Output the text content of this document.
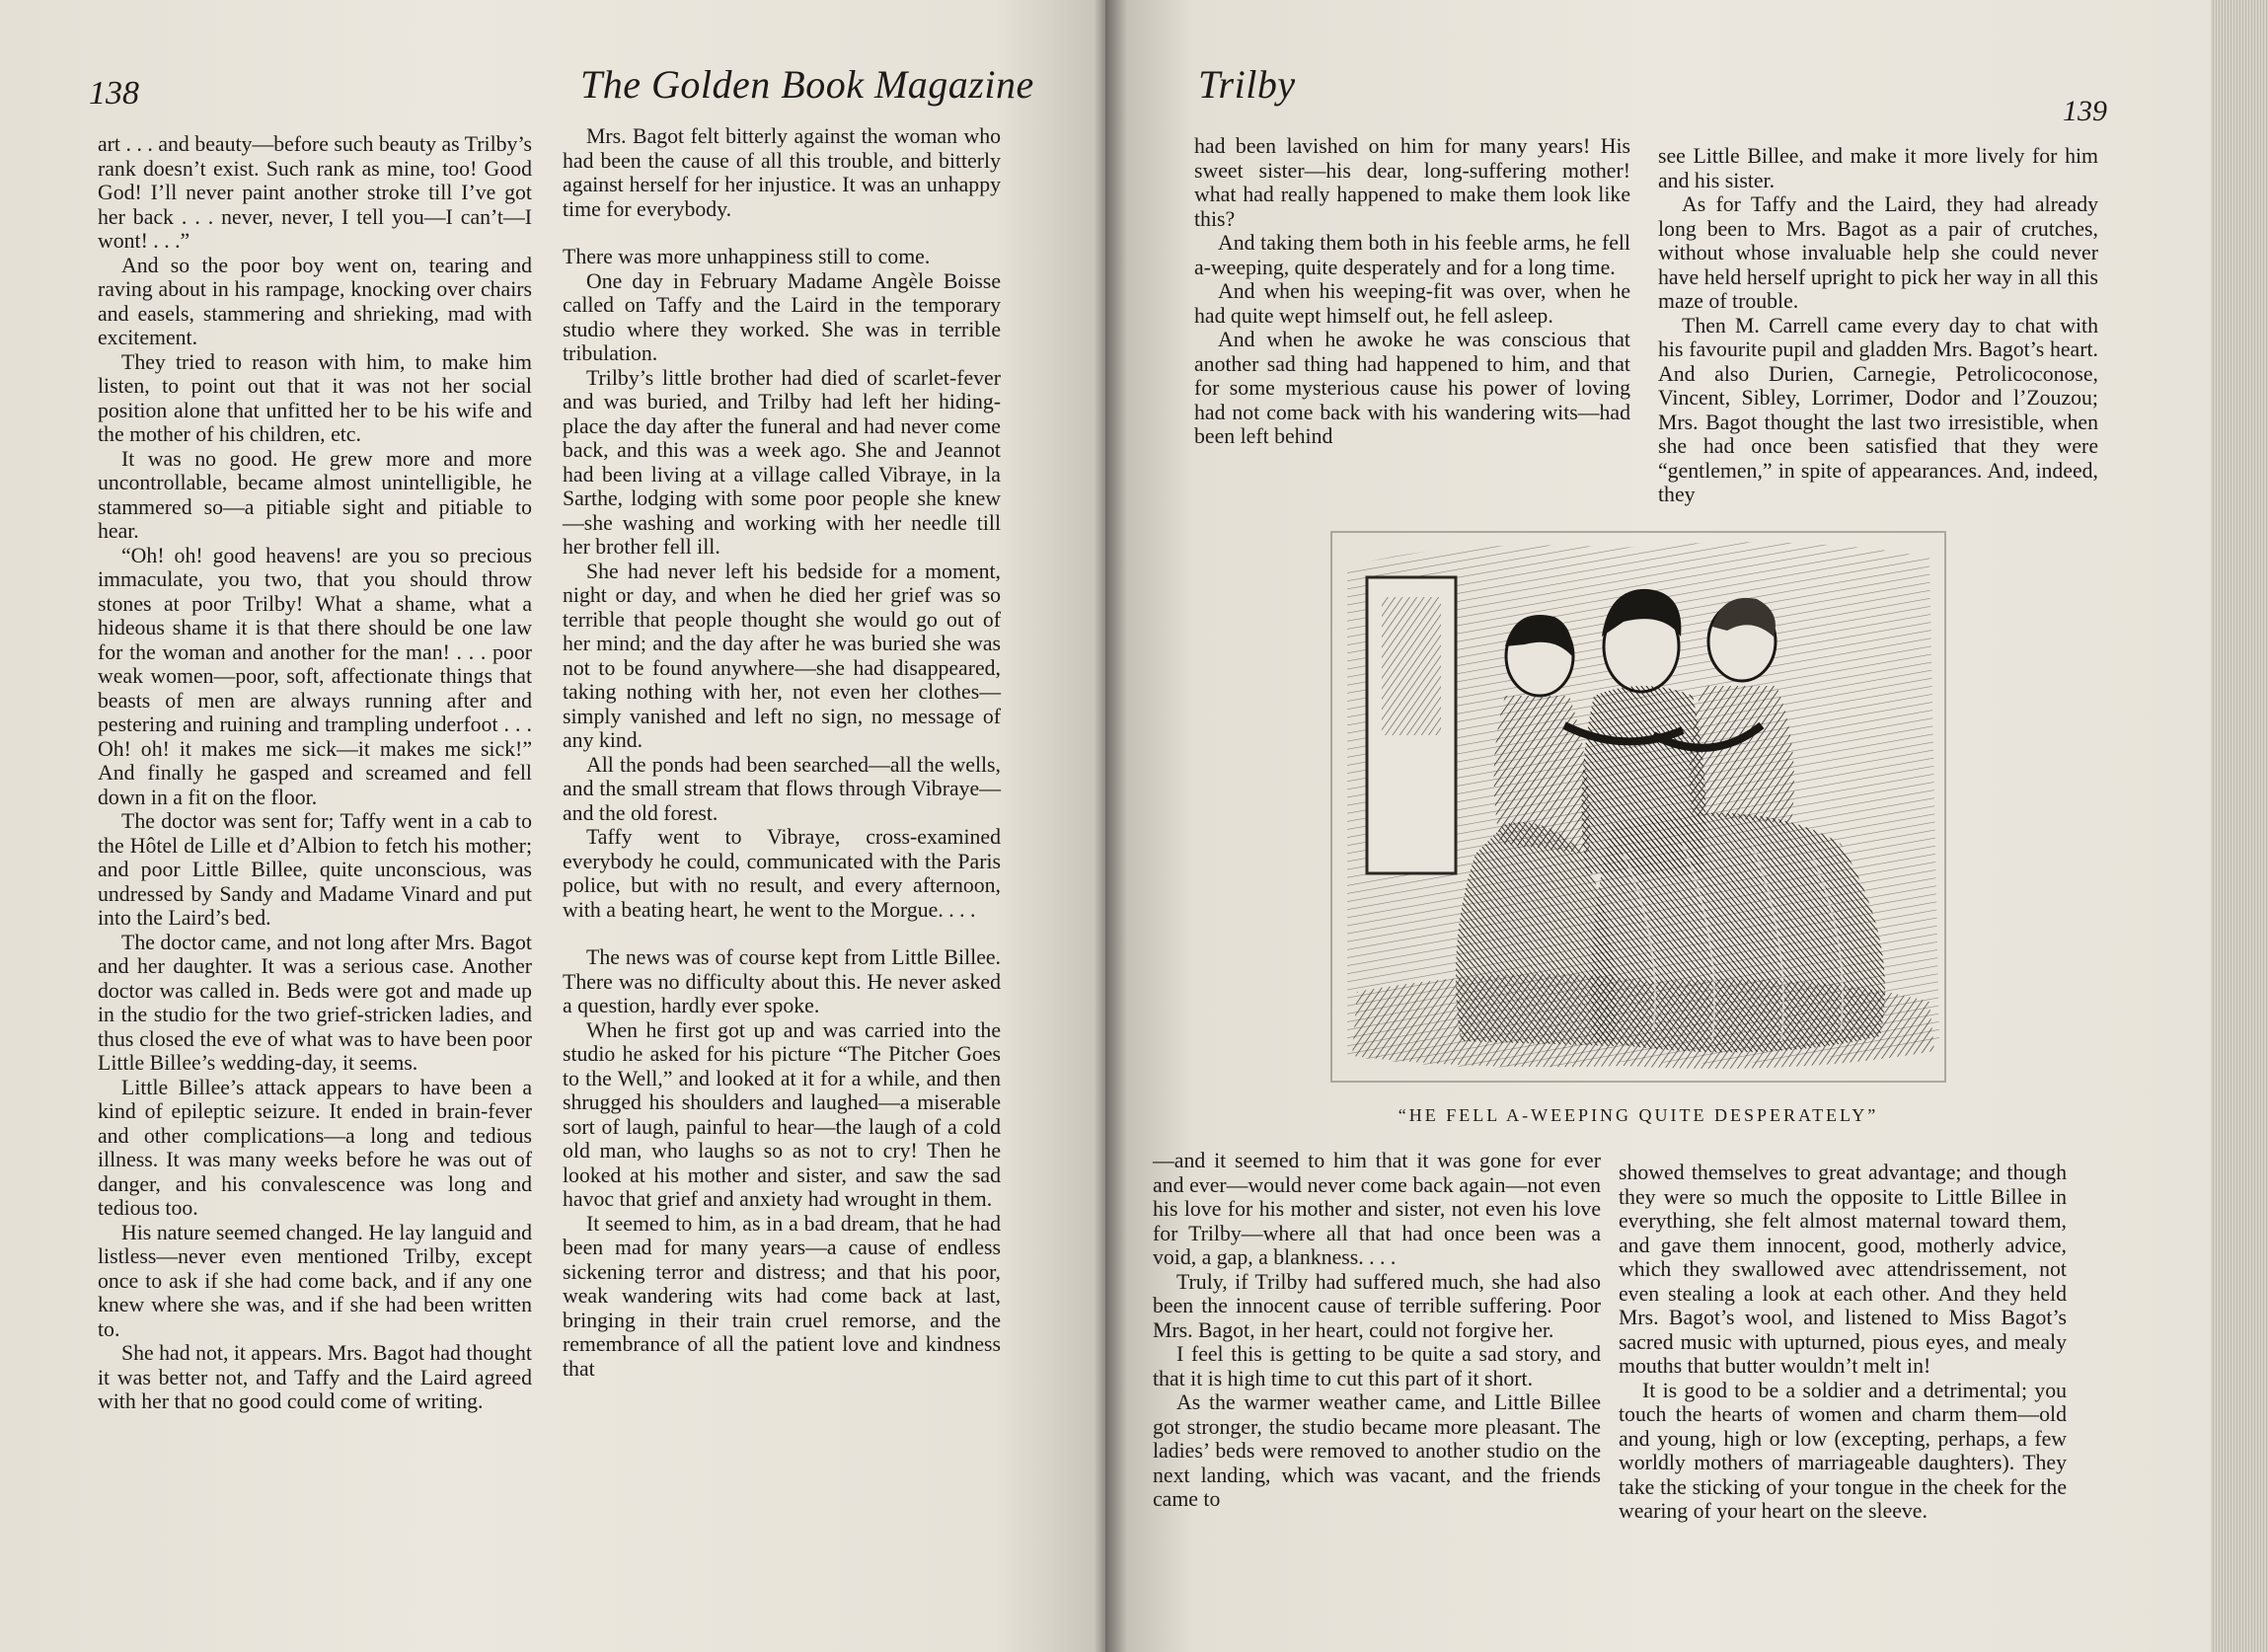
138	The Golden Book Magazine

art . . . and beauty—before such beauty as Trilby’s rank doesn’t exist. Such rank as mine, too! Good God! I’ll never paint another stroke till I’ve got her back . . . never, never, I tell you—I can’t—I wont! . . .”

And so the poor boy went on, tearing and raving about in his rampage, knocking over chairs and easels, stammering and shrieking, mad with excitement.

They tried to reason with him, to make him listen, to point out that it was not her social position alone that unfitted her to be his wife and the mother of his children, etc.

It was no good. He grew more and more uncontrollable, became almost unintelligible, he stammered so—a pitiable sight and pitiable to hear.

“Oh! oh! good heavens! are you so precious immaculate, you two, that you should throw stones at poor Trilby! What a shame, what a hideous shame it is that there should be one law for the woman and another for the man! . . . poor weak women—poor, soft, affectionate things that beasts of men are always running after and pestering and ruining and trampling underfoot . . . Oh! oh! it makes me sick—it makes me sick!” And finally he gasped and screamed and fell down in a fit on the floor.

The doctor was sent for; Taffy went in a cab to the Hôtel de Lille et d’Albion to fetch his mother; and poor Little Billee, quite unconscious, was undressed by Sandy and Madame Vinard and put into the Laird’s bed.

The doctor came, and not long after Mrs. Bagot and her daughter. It was a serious case. Another doctor was called in. Beds were got and made up in the studio for the two grief-stricken ladies, and thus closed the eve of what was to have been poor Little Billee’s wedding-day, it seems.

Little Billee’s attack appears to have been a kind of epileptic seizure. It ended in brain-fever and other complications—a long and tedious illness. It was many weeks before he was out of danger, and his convalescence was long and tedious too.

His nature seemed changed. He lay languid and listless—never even mentioned Trilby, except once to ask if she had come back, and if any one knew where she was, and if she had been written to.

She had not, it appears. Mrs. Bagot had thought it was better not, and Taffy and the Laird agreed with her that no good could come of writing.

Mrs. Bagot felt bitterly against the woman who had been the cause of all this trouble, and bitterly against herself for her injustice. It was an unhappy time for everybody.

There was more unhappiness still to come.

One day in February Madame Angèle Boisse called on Taffy and the Laird in the temporary studio where they worked. She was in terrible tribulation.

Trilby’s little brother had died of scarlet-fever and was buried, and Trilby had left her hiding-place the day after the funeral and had never come back, and this was a week ago. She and Jeannot had been living at a village called Vibraye, in la Sarthe, lodging with some poor people she knew—she washing and working with her needle till her brother fell ill.

She had never left his bedside for a moment, night or day, and when he died her grief was so terrible that people thought she would go out of her mind; and the day after he was buried she was not to be found anywhere—she had disappeared, taking nothing with her, not even her clothes—simply vanished and left no sign, no message of any kind.

All the ponds had been searched—all the wells, and the small stream that flows through Vibraye—and the old forest.

Taffy went to Vibraye, cross-examined everybody he could, communicated with the Paris police, but with no result, and every afternoon, with a beating heart, he went to the Morgue. . . .

The news was of course kept from Little Billee. There was no difficulty about this. He never asked a question, hardly ever spoke.

When he first got up and was carried into the studio he asked for his picture “The Pitcher Goes to the Well,” and looked at it for a while, and then shrugged his shoulders and laughed—a miserable sort of laugh, painful to hear—the laugh of a cold old man, who laughs so as not to cry! Then he looked at his mother and sister, and saw the sad havoc that grief and anxiety had wrought in them.

It seemed to him, as in a bad dream, that he had been mad for many years—a cause of endless sickening terror and distress; and that his poor, weak wandering wits had come back at last, bringing in their train cruel remorse, and the remembrance of all the patient love and kindness that

Trilby
139

had been lavished on him for many years! His sweet sister—his dear, long-suffering mother! what had really happened to make them look like this?

And taking them both in his feeble arms, he fell a-weeping, quite desperately and for a long time.

And when his weeping-fit was over, when he had quite wept himself out, he fell asleep.

And when he awoke he was conscious that another sad thing had happened to him, and that for some mysterious cause his power of loving had not come back with his wandering wits—had been left behind

see Little Billee, and make it more lively for him and his sister.

As for Taffy and the Laird, they had already long been to Mrs. Bagot as a pair of crutches, without whose invaluable help she could never have held herself upright to pick her way in all this maze of trouble.

Then M. Carrell came every day to chat with his favourite pupil and gladden Mrs. Bagot’s heart. And also Durien, Carnegie, Petrolicoconose, Vincent, Sibley, Lorrimer, Dodor and l’Zouzou; Mrs. Bagot thought the last two irresistible, when she had once been satisfied that they were “gentlemen,” in spite of appearances. And, indeed, they

—and it seemed to him that it was gone for ever and ever—would never come back again—not even his love for his mother and sister, not even his love for Trilby—where all that had once been was a void, a gap, a blankness. . . .

Truly, if Trilby had suffered much, she had also been the innocent cause of terrible suffering. Poor Mrs. Bagot, in her heart, could not forgive her.

I feel this is getting to be quite a sad story, and that it is high time to cut this part of it short.

As the warmer weather came, and Little Billee got stronger, the studio became more pleasant. The ladies’ beds were removed to another studio on the next landing, which was vacant, and the friends came to

showed themselves to great advantage; and though they were so much the opposite to Little Billee in everything, she felt almost maternal toward them, and gave them innocent, good, motherly advice, which they swallowed avec attendrissement, not even stealing a look at each other. And they held Mrs. Bagot’s wool, and listened to Miss Bagot’s sacred music with upturned, pious eyes, and mealy mouths that butter wouldn’t melt in!

It is good to be a soldier and a detrimental; you touch the hearts of women and charm them—old and young, high or low (excepting, perhaps, a few worldly mothers of marriageable daughters). They take the sticking of your tongue in the cheek for the wearing of your heart on the sleeve.

“HE FELL A-WEEPING QUITE DESPERATELY”
